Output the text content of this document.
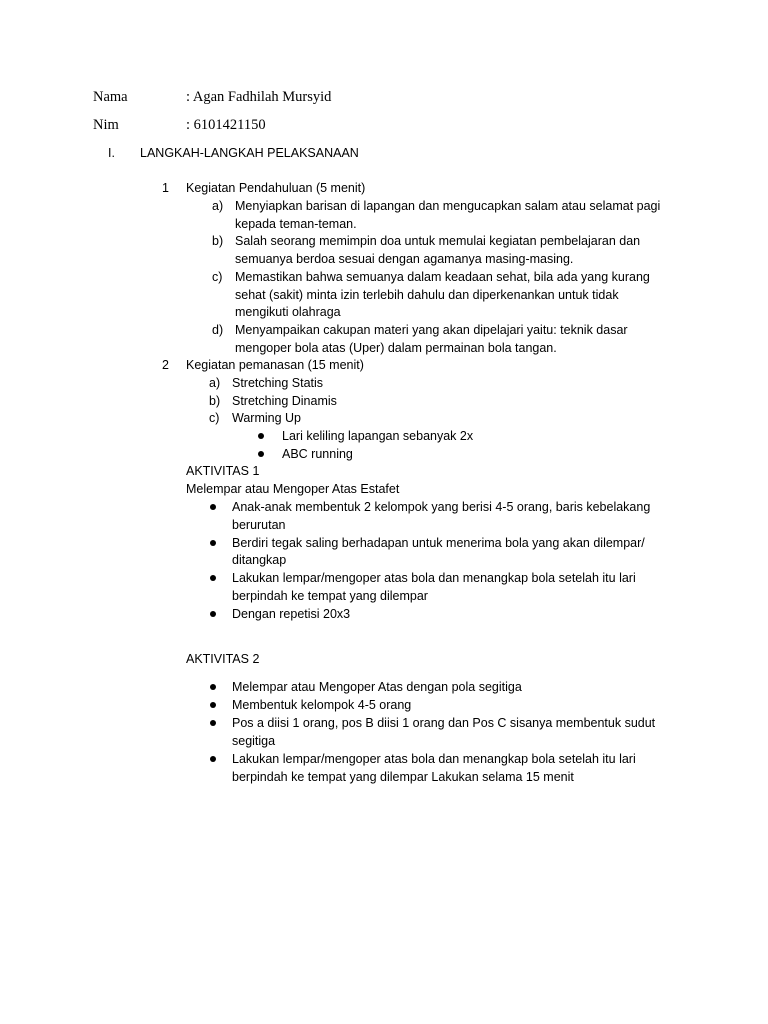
Nama	: Agan Fadhilah Mursyid
Nim	: 6101421150
I. LANGKAH-LANGKAH PELAKSANAAN
1 Kegiatan Pendahuluan (5 menit)
a) Menyiapkan barisan di lapangan dan mengucapkan salam atau selamat pagi
kepada teman-teman.
b) Salah seorang memimpin doa untuk memulai kegiatan pembelajaran dan
semuanya berdoa sesuai dengan agamanya masing-masing.
c) Memastikan bahwa semuanya dalam keadaan sehat, bila ada yang kurang
sehat (sakit) minta izin terlebih dahulu dan diperkenankan untuk tidak
mengikuti olahraga
d) Menyampaikan cakupan materi yang akan dipelajari yaitu: teknik dasar
mengoper bola atas (Uper) dalam permainan bola tangan.
2 Kegiatan pemanasan (15 menit)
a) Stretching Statis
b) Stretching Dinamis
c) Warming Up
Lari keliling lapangan sebanyak 2x
ABC running
AKTIVITAS 1
Melempar atau Mengoper Atas Estafet
Anak-anak membentuk 2 kelompok yang berisi 4-5 orang, baris kebelakang
berurutan
Berdiri tegak saling berhadapan untuk menerima bola yang akan dilempar/
ditangkap
Lakukan lempar/mengoper atas bola dan menangkap bola setelah itu lari
berpindah ke tempat yang dilempar
Dengan repetisi 20x3
AKTIVITAS 2
Melempar atau Mengoper Atas dengan pola segitiga
Membentuk kelompok 4-5 orang
Pos a diisi 1 orang, pos B diisi 1 orang dan Pos C sisanya membentuk sudut
segitiga
Lakukan lempar/mengoper atas bola dan menangkap bola setelah itu lari
berpindah ke tempat yang dilempar Lakukan selama 15 menit
